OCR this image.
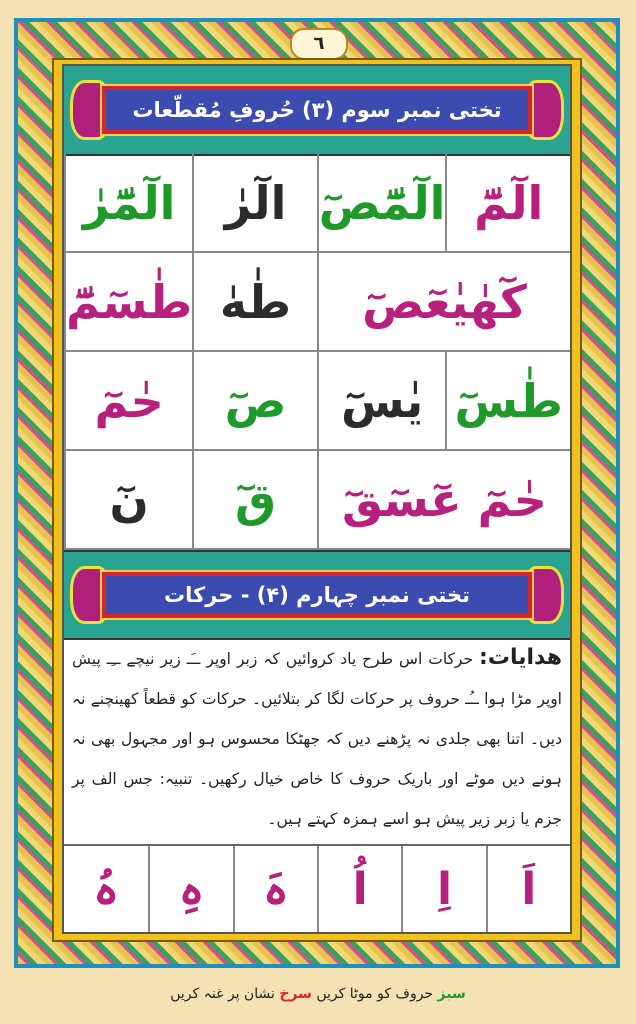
٦
تختی نمبر سوم (۳) حُروفِ مُقطّعات
الٓمّٓ
الٓمّٓصٓ
الٓرٰ
الٓمّٓرٰ
كٓهٰيٰعٓصٓ
طٰهٰ
طٰسٓمّٓ
طٰسٓ
يٰسٓ
صٓ
حٰمٓ
حٰمٓ عٓسٓقٓ
قٓ
نٓ
تختی نمبر چہارم (۴) - حرکات
ھدایات: حرکات اس طرح یاد کروائیں کہ زبر اوپر ــَـ زیر نیچے ــِـ پیش اوپر مڑا ہوا ــُـ حروف پر حرکات لگا کر بتلائیں۔ حرکات کو قطعاً کھینچنے نہ دیں۔ اتنا بھی جلدی نہ پڑھنے دیں کہ جھٹکا محسوس ہو اور مجہول بھی نہ ہونے دیں موٹے اور باریک حروف کا خاص خیال رکھیں۔ تنبیہ: جس الف پر جزم یا زبر زیر پیش ہو اسے ہمزہ کہتے ہیں۔
اَ
اِ
اُ
ہَ
ہِ
ہُ
سبز حروف کو موٹا کریں سرخ نشان پر غنہ کریں
